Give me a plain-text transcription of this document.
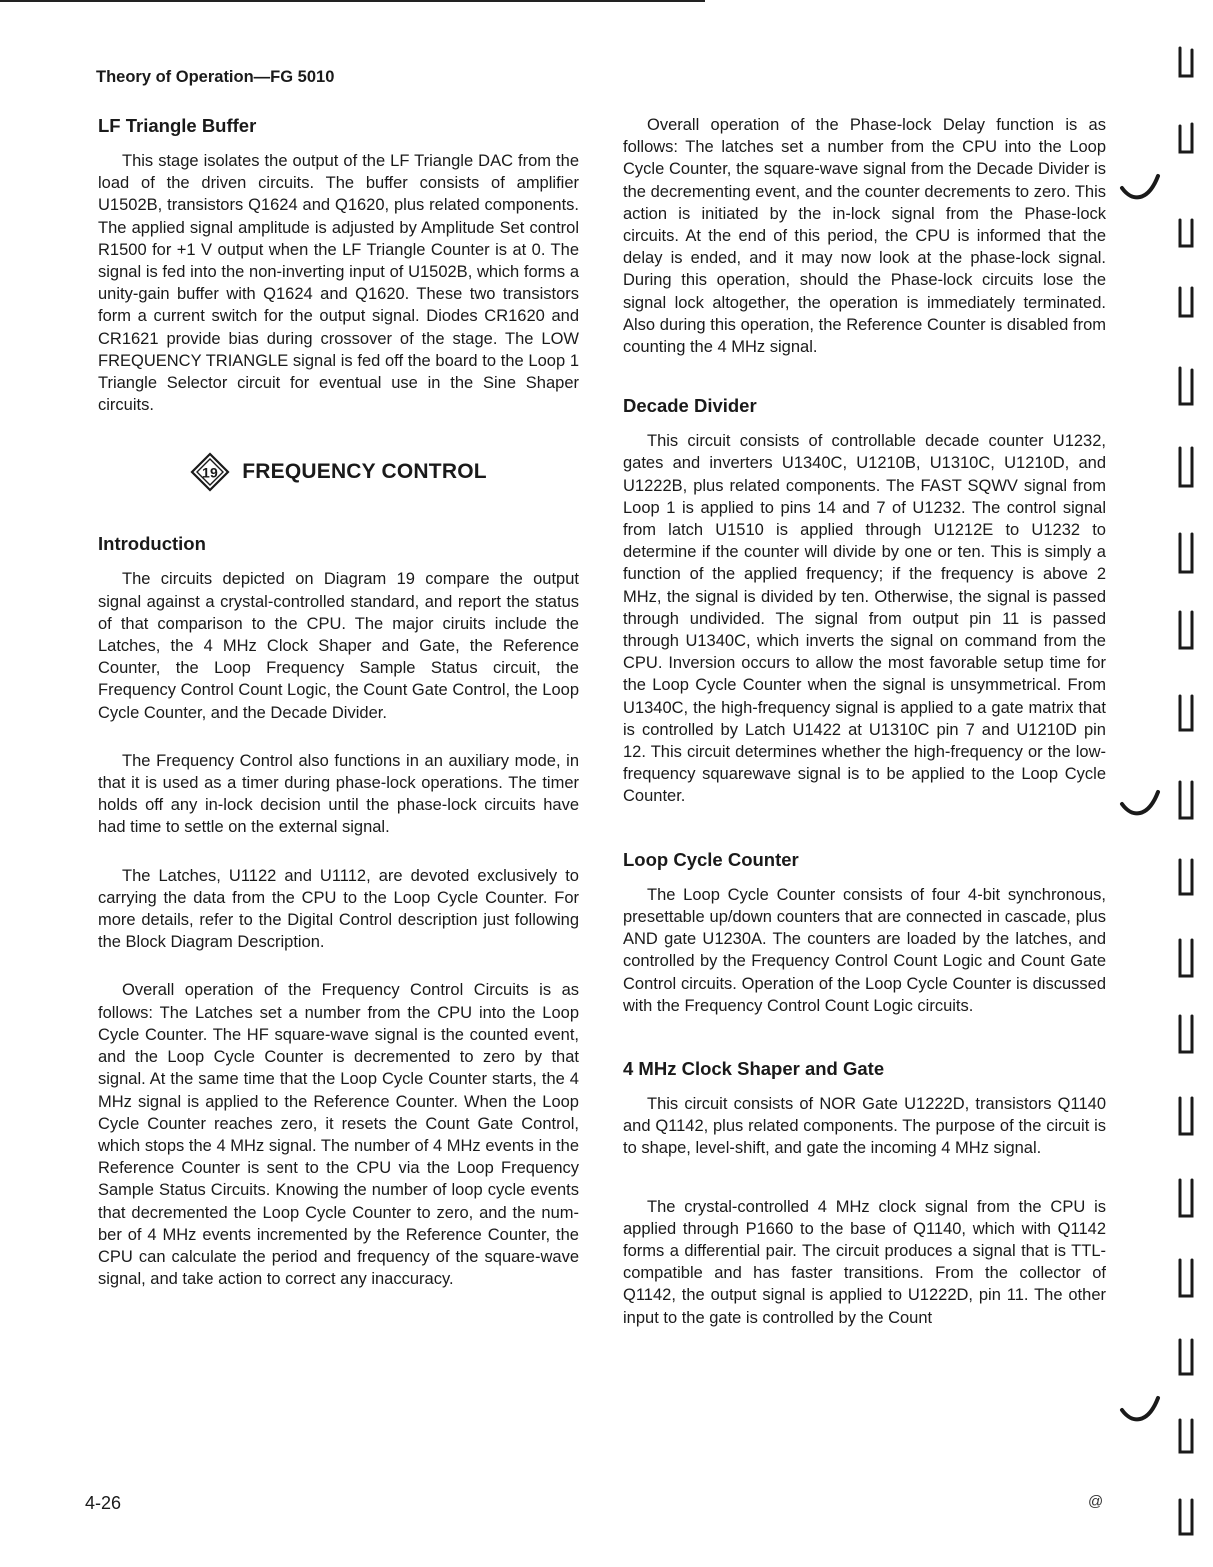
Theory of Operation—FG 5010
LF Triangle Buffer

This stage isolates the output of the LF Triangle DAC from the load of the driven circuits. The buffer consists of amplifier U1502B, transistors Q1624 and Q1620, plus related components. The applied signal amplitude is adjusted by Amplitude Set control R1500 for +1 V output when the LF Triangle Counter is at 0. The signal is fed into the non-inverting input of U1502B, which forms a unity-gain buffer with Q1624 and Q1620. These two transistors form a current switch for the output signal. Diodes CR1620 and CR1621 provide bias during crossover of the stage. The LOW FREQUENCY TRIANGLE signal is fed off the board to the Loop 1 Triangle Selector circuit for eventual use in the Sine Shaper circuits.

19 FREQUENCY CONTROL
Introduction

The circuits depicted on Diagram 19 compare the output signal against a crystal-controlled standard, and report the status of that comparison to the CPU. The major ciruits include the Latches, the 4 MHz Clock Shaper and Gate, the Reference Counter, the Loop Frequency Sample Status circuit, the Frequency Control Count Logic, the Count Gate Control, the Loop Cycle Counter, and the Decade Divider.

The Frequency Control also functions in an auxiliary mode, in that it is used as a timer during phase-lock operations. The timer holds off any in-lock decision until the phase-lock circuits have had time to settle on the external signal.

The Latches, U1122 and U1112, are devoted exclusively to carrying the data from the CPU to the Loop Cycle Counter. For more details, refer to the Digital Control description just following the Block Diagram Description.

Overall operation of the Frequency Control Circuits is as follows: The Latches set a number from the CPU into the Loop Cycle Counter. The HF square-wave signal is the counted event, and the Loop Cycle Counter is decremented to zero by that signal. At the same time that the Loop Cycle Counter starts, the 4 MHz signal is applied to the Reference Counter. When the Loop Cycle Counter reaches zero, it resets the Count Gate Control, which stops the 4 MHz signal. The number of 4 MHz events in the Reference Counter is sent to the CPU via the Loop Frequency Sample Status Circuits. Knowing the number of loop cycle events that decremented the Loop Cycle Counter to zero, and the number of 4 MHz events incremented by the Reference Counter, the CPU can calculate the period and frequency of the square-wave signal, and take action to correct any inaccuracy.

Overall operation of the Phase-lock Delay function is as follows: The latches set a number from the CPU into the Loop Cycle Counter, the square-wave signal from the Decade Divider is the decrementing event, and the counter decrements to zero. This action is initiated by the in-lock signal from the Phase-lock circuits. At the end of this period, the CPU is informed that the delay is ended, and it may now look at the phase-lock signal. During this operation, should the Phase-lock circuits lose the signal lock altogether, the operation is immediately terminated. Also during this operation, the Reference Counter is disabled from counting the 4 MHz signal.

Decade Divider

This circuit consists of controllable decade counter U1232, gates and inverters U1340C, U1210B, U1310C, U1210D, and U1222B, plus related components. The FAST SQWV signal from Loop 1 is applied to pins 14 and 7 of U1232. The control signal from latch U1510 is applied through U1212E to U1232 to determine if the counter will divide by one or ten. This is simply a function of the applied frequency; if the frequency is above 2 MHz, the signal is divided by ten. Otherwise, the signal is passed through undivided. The signal from output pin 11 is passed through U1340C, which inverts the signal on command from the CPU. Inversion occurs to allow the most favorable setup time for the Loop Cycle Counter when the signal is unsymmetrical. From U1340C, the high-frequency signal is applied to a gate matrix that is controlled by Latch U1422 at U1310C pin 7 and U1210D pin 12. This circuit determines whether the high-frequency or the low-frequency squarewave signal is to be applied to the Loop Cycle Counter.

Loop Cycle Counter

The Loop Cycle Counter consists of four 4-bit synchronous, presettable up/down counters that are connected in cascade, plus AND gate U1230A. The counters are loaded by the latches, and controlled by the Frequency Control Count Logic and Count Gate Control circuits. Operation of the Loop Cycle Counter is discussed with the Frequency Control Count Logic circuits.

4 MHz Clock Shaper and Gate

This circuit consists of NOR Gate U1222D, transistors Q1140 and Q1142, plus related components. The purpose of the circuit is to shape, level-shift, and gate the incoming 4 MHz signal.

The crystal-controlled 4 MHz clock signal from the CPU is applied through P1660 to the base of Q1140, which with Q1142 forms a differential pair. The circuit produces a signal that is TTL-compatible and has faster transitions. From the collector of Q1142, the output signal is applied to U1222D, pin 11. The other input to the gate is controlled by the Count

4-26	@
